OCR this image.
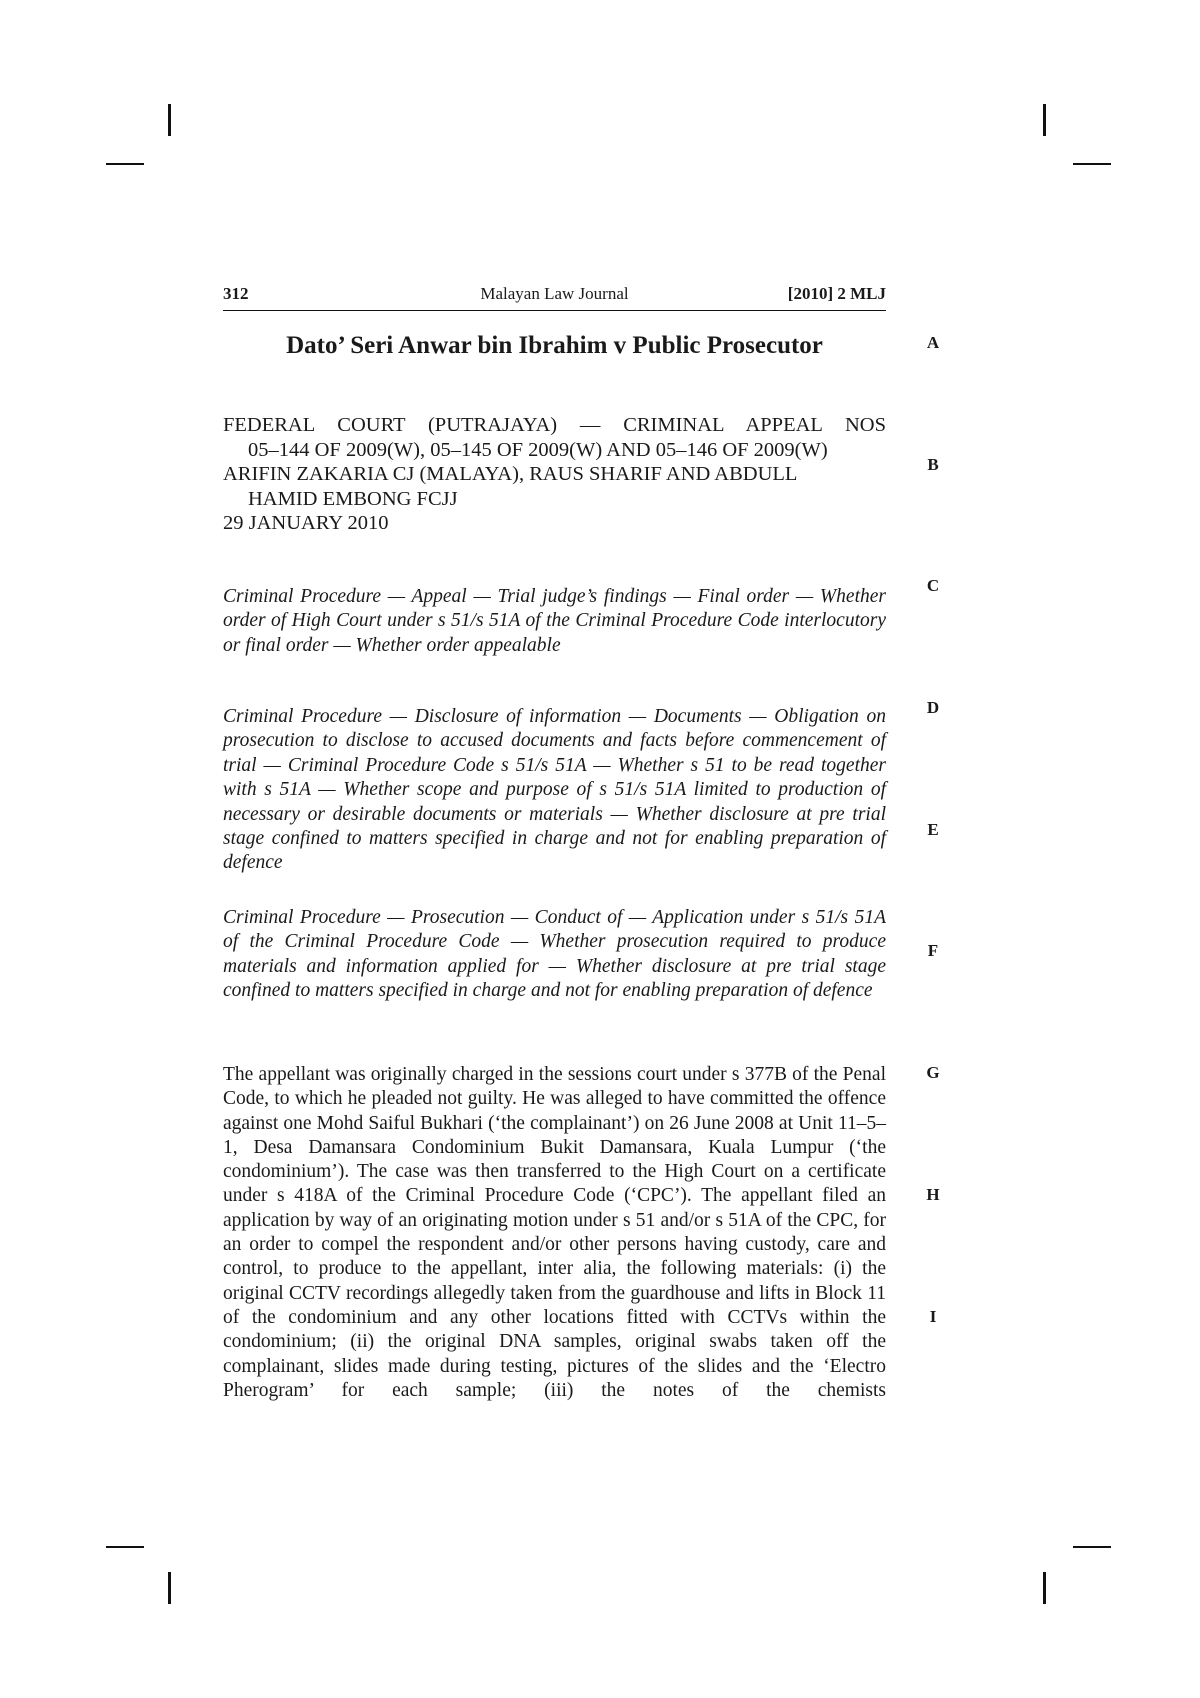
312	Malayan Law Journal	[2010] 2 MLJ
Dato’ Seri Anwar bin Ibrahim v Public Prosecutor
FEDERAL COURT (PUTRAJAYA) — CRIMINAL APPEAL NOS
05–144 OF 2009(W), 05–145 OF 2009(W) AND 05–146 OF 2009(W)
ARIFIN ZAKARIA CJ (MALAYA), RAUS SHARIF AND ABDULL
HAMID EMBONG FCJJ
29 JANUARY 2010
Criminal Procedure — Appeal — Trial judge’s findings — Final order — Whether order of High Court under s 51/s 51A of the Criminal Procedure Code interlocutory or final order — Whether order appealable
Criminal Procedure — Disclosure of information — Documents — Obligation on prosecution to disclose to accused documents and facts before commencement of trial — Criminal Procedure Code s 51/s 51A — Whether s 51 to be read together with s 51A — Whether scope and purpose of s 51/s 51A limited to production of necessary or desirable documents or materials — Whether disclosure at pre trial stage confined to matters specified in charge and not for enabling preparation of defence
Criminal Procedure — Prosecution — Conduct of — Application under s 51/s 51A of the Criminal Procedure Code — Whether prosecution required to produce materials and information applied for — Whether disclosure at pre trial stage confined to matters specified in charge and not for enabling preparation of defence
The appellant was originally charged in the sessions court under s 377B of the Penal Code, to which he pleaded not guilty. He was alleged to have committed the offence against one Mohd Saiful Bukhari (‘the complainant’) on 26 June 2008 at Unit 11–5–1, Desa Damansara Condominium Bukit Damansara, Kuala Lumpur (‘the condominium’). The case was then transferred to the High Court on a certificate under s 418A of the Criminal Procedure Code (‘CPC’). The appellant filed an application by way of an originating motion under s 51 and/or s 51A of the CPC, for an order to compel the respondent and/or other persons having custody, care and control, to produce to the appellant, inter alia, the following materials: (i) the original CCTV recordings allegedly taken from the guardhouse and lifts in Block 11 of the condominium and any other locations fitted with CCTVs within the condominium; (ii) the original DNA samples, original swabs taken off the complainant, slides made during testing, pictures of the slides and the ‘Electro Pherogram’ for each sample; (iii) the notes of the chemists
A
B
C
D
E
F
G
H
I
